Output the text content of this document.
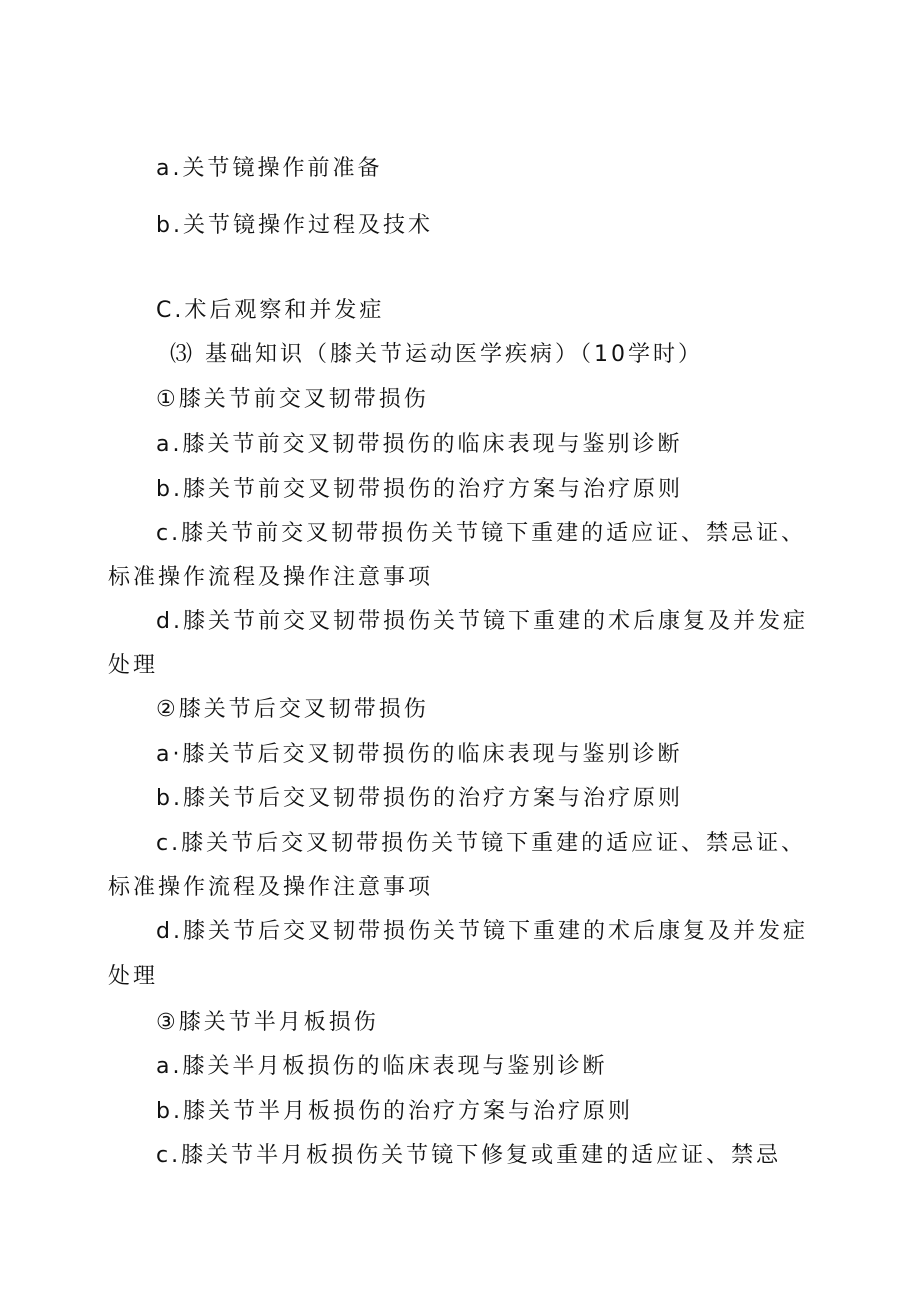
a.关节镜操作前准备
b.关节镜操作过程及技术
C.术后观察和并发症
⑶ 基础知识（膝关节运动医学疾病）（10学时）
①膝关节前交叉韧带损伤
a.膝关节前交叉韧带损伤的临床表现与鉴别诊断
b.膝关节前交叉韧带损伤的治疗方案与治疗原则
c.膝关节前交叉韧带损伤关节镜下重建的适应证、禁忌证、
标准操作流程及操作注意事项
d.膝关节前交叉韧带损伤关节镜下重建的术后康复及并发症
处理
②膝关节后交叉韧带损伤
a·膝关节后交叉韧带损伤的临床表现与鉴别诊断
b.膝关节后交叉韧带损伤的治疗方案与治疗原则
c.膝关节后交叉韧带损伤关节镜下重建的适应证、禁忌证、
标准操作流程及操作注意事项
d.膝关节后交叉韧带损伤关节镜下重建的术后康复及并发症
处理
③膝关节半月板损伤
a.膝关半月板损伤的临床表现与鉴别诊断
b.膝关节半月板损伤的治疗方案与治疗原则
c.膝关节半月板损伤关节镜下修复或重建的适应证、禁忌
